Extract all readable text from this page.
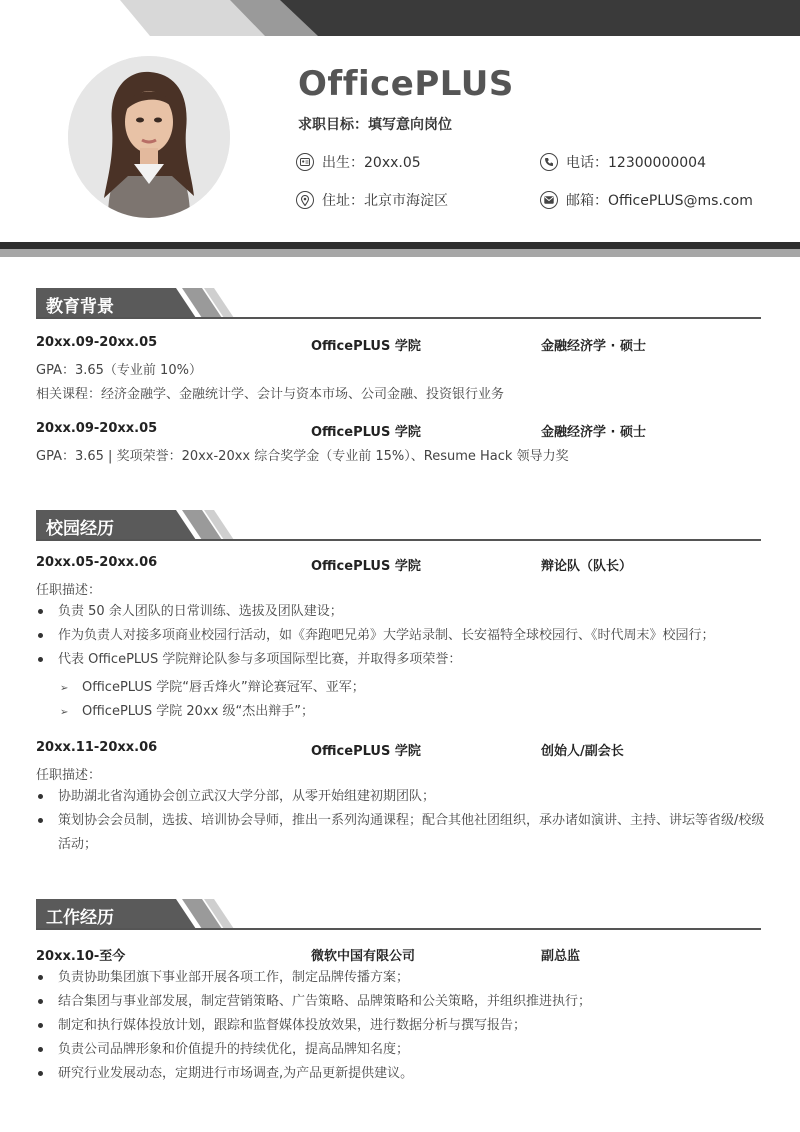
OfficePLUS
求职目标：填写意向岗位
出生：20xx.05	电话：12300000004
住址：北京市海淀区	邮箱：OfficePLUS@ms.com
教育背景
20xx.09-20xx.05	OfficePLUS 学院	金融经济学 · 硕士
GPA：3.65（专业前 10%）
相关课程：经济金融学、金融统计学、会计与资本市场、公司金融、投资银行业务
20xx.09-20xx.05	OfficePLUS 学院	金融经济学 · 硕士
GPA：3.65 | 奖项荣誉：20xx-20xx 综合奖学金（专业前 15%）、Resume Hack 领导力奖
校园经历
20xx.05-20xx.06	OfficePLUS 学院	辩论队（队长）
任职描述：
负责 50 余人团队的日常训练、选拔及团队建设；
作为负责人对接多项商业校园行活动，如《奔跑吧兄弟》大学站录制、长安福特全球校园行、《时代周末》校园行；
代表 OfficePLUS 学院辩论队参与多项国际型比赛，并取得多项荣誉：
➢ OfficePLUS 学院“唇舌烽火”辩论赛冠军、亚军；
➢ OfficePLUS 学院 20xx 级“杰出辩手”；
20xx.11-20xx.06	OfficePLUS 学院	创始人/副会长
任职描述：
协助湖北省沟通协会创立武汉大学分部，从零开始组建初期团队；
策划协会会员制，选拔、培训协会导师，推出一系列沟通课程；配合其他社团组织，承办诸如演讲、主持、讲坛等省级/校级活动；
工作经历
20xx.10-至今	微软中国有限公司	副总监
负责协助集团旗下事业部开展各项工作，制定品牌传播方案；
结合集团与事业部发展，制定营销策略、广告策略、品牌策略和公关策略，并组织推进执行；
制定和执行媒体投放计划，跟踪和监督媒体投放效果，进行数据分析与撰写报告；
负责公司品牌形象和价值提升的持续优化，提高品牌知名度；
研究行业发展动态，定期进行市场调查,为产品更新提供建议。
